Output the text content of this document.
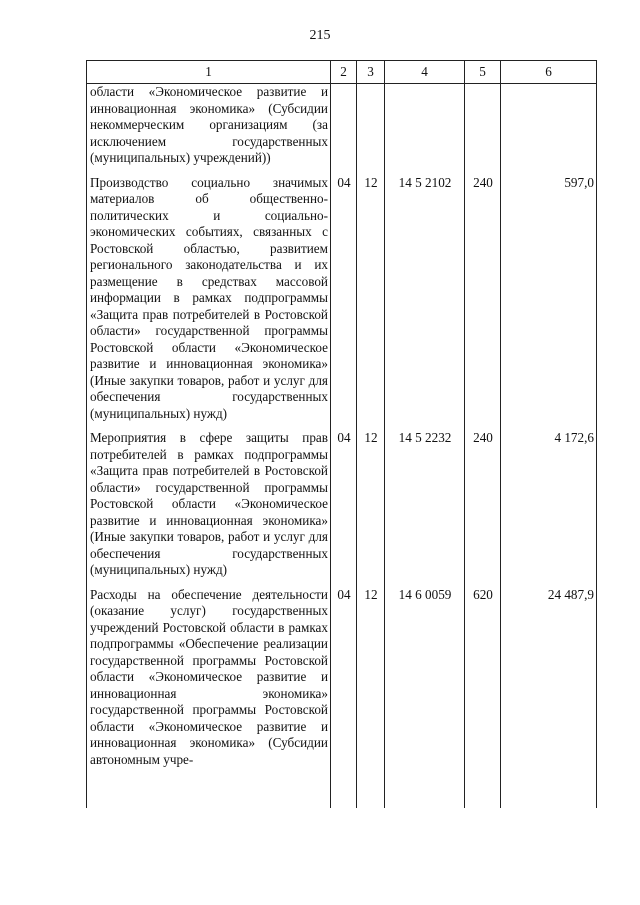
215
1	2	3	4	5	6
области «Экономическое развитие и инновационная экономика» (Субсидии некоммерческим организациям (за исключением государственных (муниципальных) учреждений))					
Производство социально значимых материалов об общественно-политических и социально-экономических событиях, связанных с Ростовской областью, развитием регионального законодательства и их размещение в средствах массовой информации в рамках подпрограммы «Защита прав потребителей в Ростовской области» государственной программы Ростовской области «Экономическое развитие и инновационная экономика» (Иные закупки товаров, работ и услуг для обеспечения государственных (муниципальных) нужд)	04	12	14 5 2102	240	597,0
Мероприятия в сфере защиты прав потребителей в рамках подпрограммы «Защита прав потребителей в Ростовской области» государственной программы Ростовской области «Экономическое развитие и инновационная экономика» (Иные закупки товаров, работ и услуг для обеспечения государственных (муниципальных) нужд)	04	12	14 5 2232	240	4 172,6
Расходы на обеспечение деятельности (оказание услуг) государственных учреждений Ростовской области в рамках подпрограммы «Обеспечение реализации государственной программы Ростовской области «Экономическое развитие и инновационная экономика» государственной программы Ростовской области «Экономическое развитие и инновационная экономика» (Субсидии автономным учре-	04	12	14 6 0059	620	24 487,9
